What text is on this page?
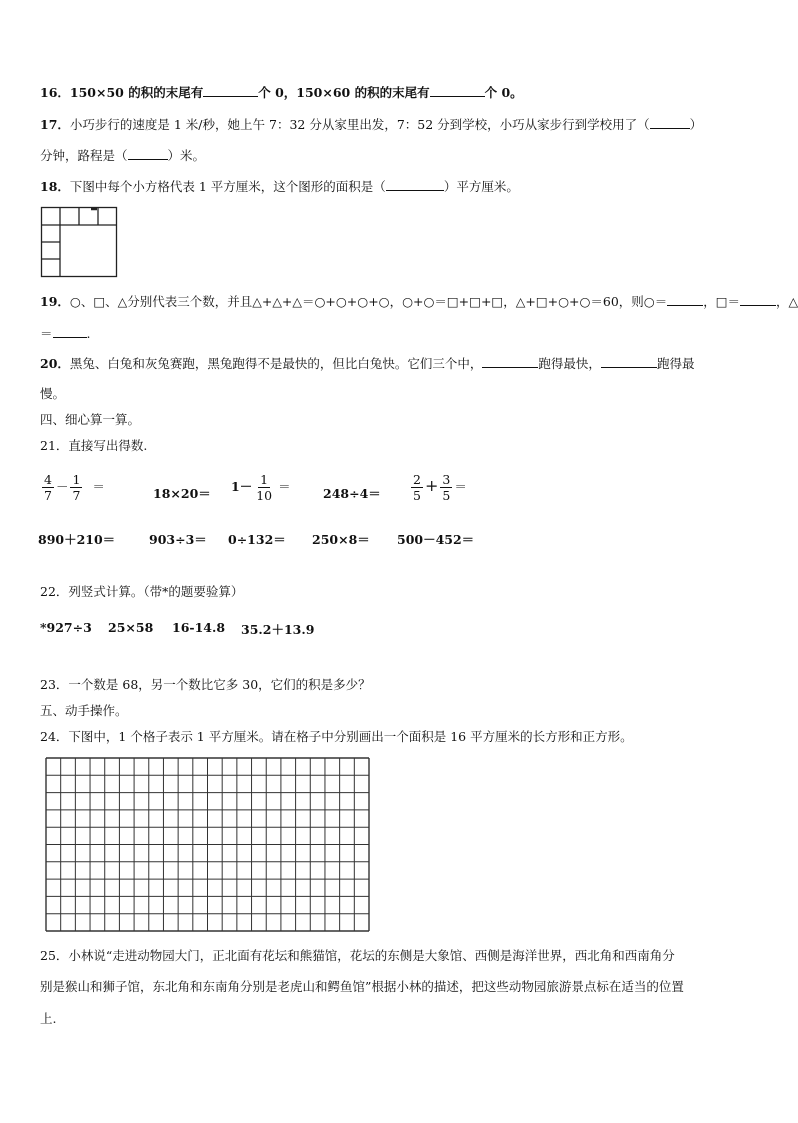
16．150×50 的积的末尾有	个 0，150×60 的积的末尾有	个 0。
17．小巧步行的速度是 1 米/秒，她上午 7：32 分从家里出发，7：52 分到学校，小巧从家步行到学校用了（	）
分钟，路程是（	）米。
18．下图中每个小方格代表 1 平方厘米，这个图形的面积是（	）平方厘米。
19．○、□、△分别代表三个数，并且△+△+△＝○+○+○+○，○+○＝□+□+□，△+□+○+○＝60，则○＝	，□＝	，△
＝	.
20．黑兔、白兔和灰兔赛跑，黑兔跑得不是最快的，但比白兔快。它们三个中，	跑得最快，	跑得最
慢。
四、细心算一算。
21．直接写出得数.
$\frac{4}{7} - \frac{1}{7}$ ＝	$18\times 20= 1- \frac{1}{10}$ ＝	$248\div 4= \frac{2}{5} + \frac{3}{5}$ ＝
890＋210＝	903÷3＝ 0÷132＝ 250×8＝ 500－452＝
22．列竖式计算。（带*的题要验算）
*927÷3 25×58 16-14.8 35.2＋13.9
23．一个数是 68，另一个数比它多 30，它们的积是多少？
五、动手操作。
24．下图中，1 个格子表示 1 平方厘米。请在格子中分别画出一个面积是 16 平方厘米的长方形和正方形。
25．小林说“走进动物园大门，正北面有花坛和熊猫馆，花坛的东侧是大象馆、西侧是海洋世界，西北角和西南角分
别是猴山和狮子馆，东北角和东南角分别是老虎山和鳄鱼馆”根据小林的描述，把这些动物园旅游景点标在适当的位置
上.
